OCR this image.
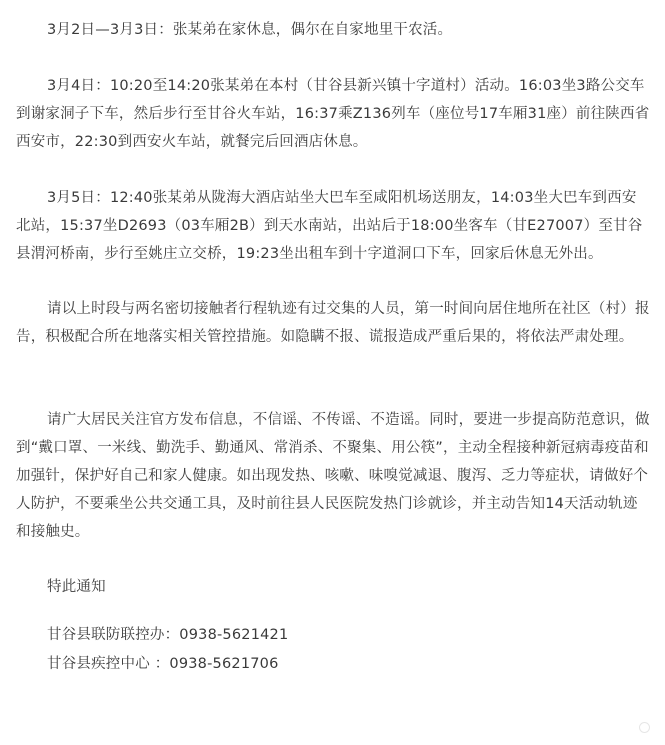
3月2日—3月3日：张某弟在家休息，偶尔在自家地里干农活。

3月4日：10:20至14:20张某弟在本村（甘谷县新兴镇十字道村）活动。16:03坐3路公交车到谢家洞子下车，然后步行至甘谷火车站，16:37乘Z136列车（座位号17车厢31座）前往陕西省西安市，22:30到西安火车站，就餐完后回酒店休息。

3月5日：12:40张某弟从陇海大酒店站坐大巴车至咸阳机场送朋友，14:03坐大巴车到西安北站，15:37坐D2693（03车厢2B）到天水南站，出站后于18:00坐客车（甘E27007）至甘谷县渭河桥南，步行至姚庄立交桥，19:23坐出租车到十字道洞口下车，回家后休息无外出。

请以上时段与两名密切接触者行程轨迹有过交集的人员，第一时间向居住地所在社区（村）报告，积极配合所在地落实相关管控措施。如隐瞒不报、谎报造成严重后果的，将依法严肃处理。

请广大居民关注官方发布信息，不信谣、不传谣、不造谣。同时，要进一步提高防范意识，做到“戴口罩、一米线、勤洗手、勤通风、常消杀、不聚集、用公筷”，主动全程接种新冠病毒疫苗和加强针，保护好自己和家人健康。如出现发热、咳嗽、味嗅觉减退、腹泻、乏力等症状，请做好个人防护，不要乘坐公共交通工具，及时前往县人民医院发热门诊就诊，并主动告知14天活动轨迹和接触史。

特此通知

甘谷县联防联控办：0938-5621421

甘谷县疾控中心 ：0938-5621706
